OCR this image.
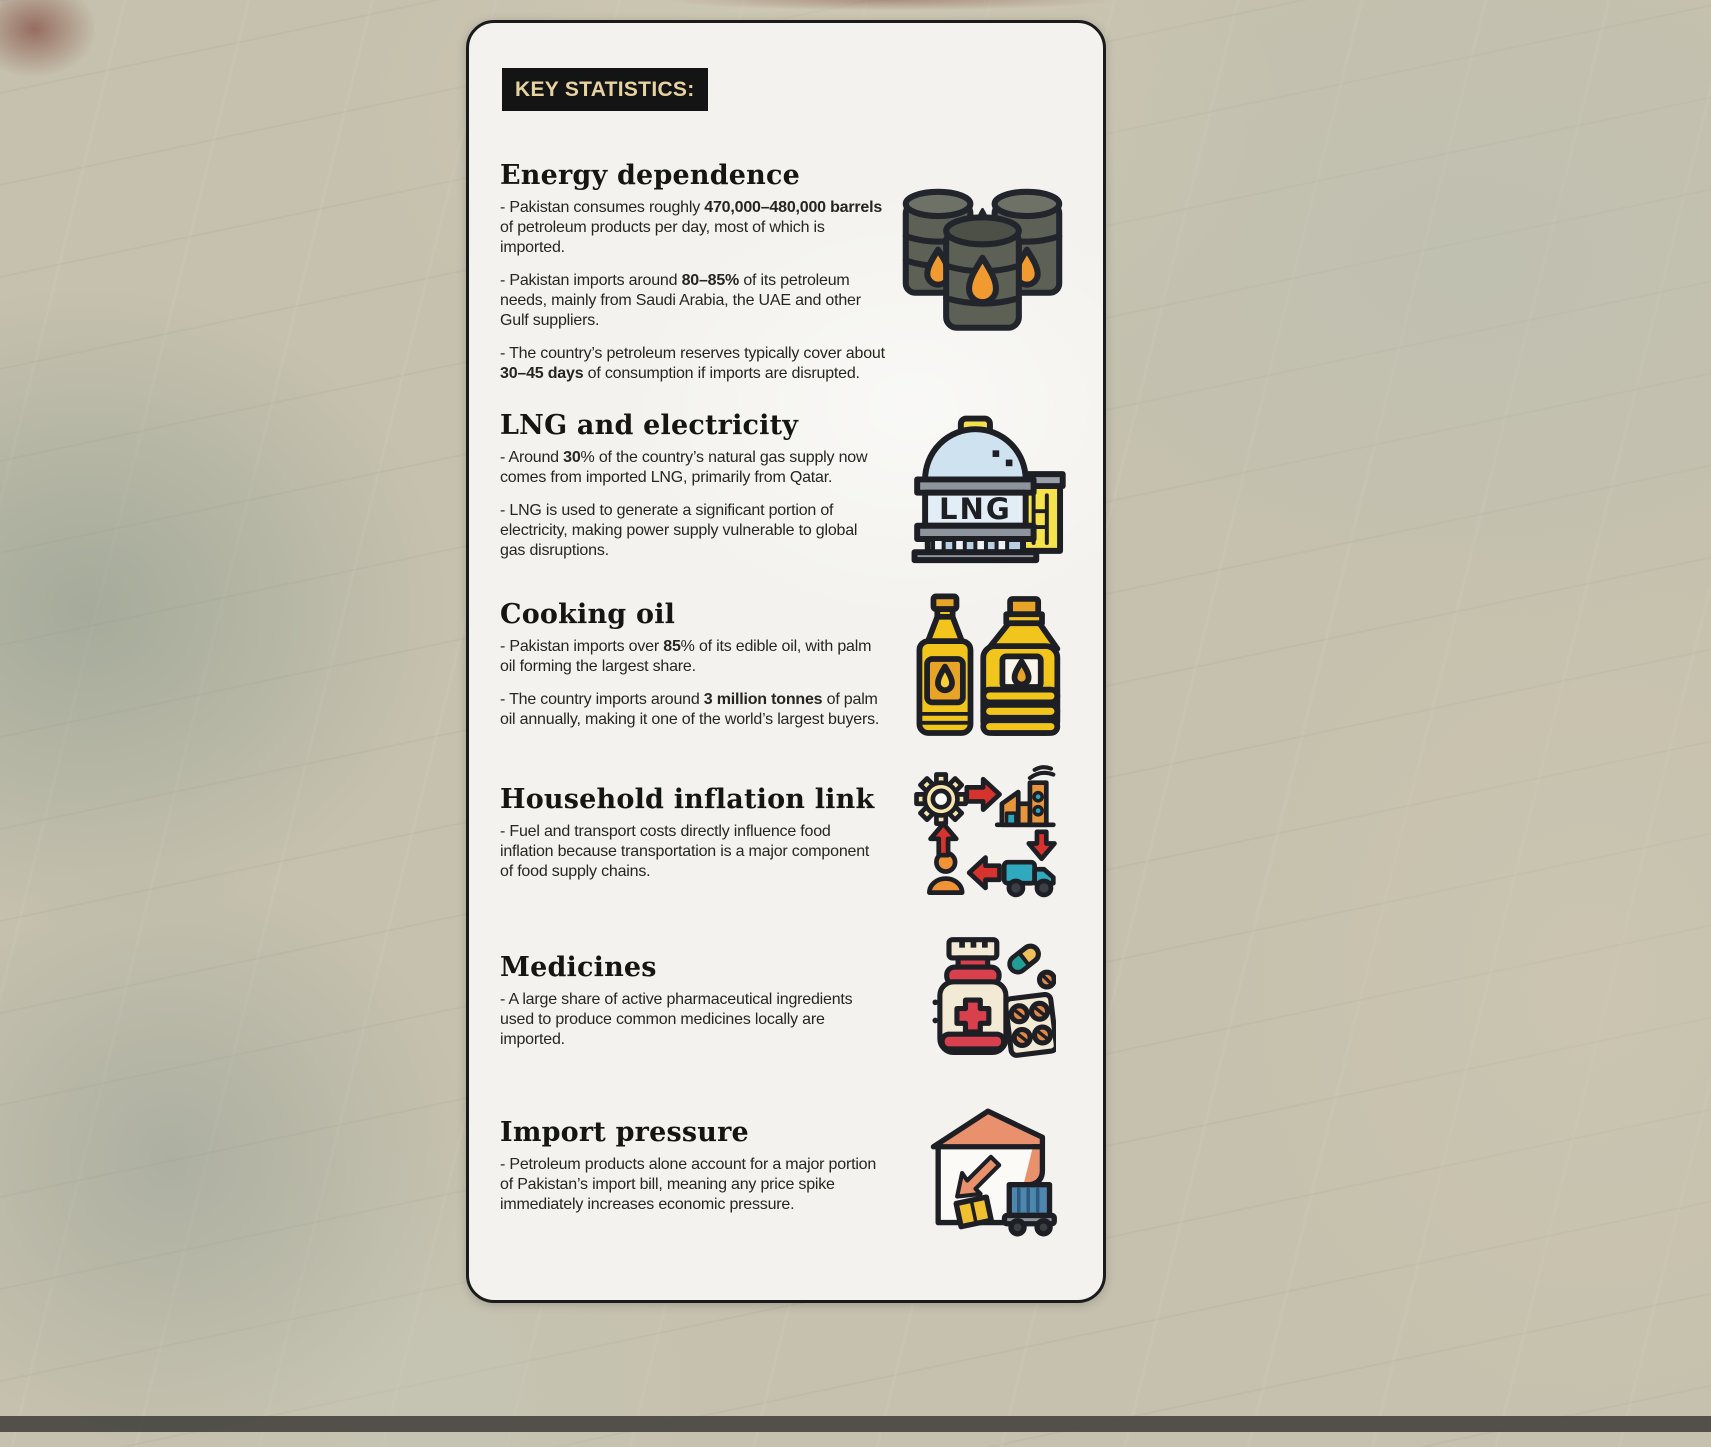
KEY STATISTICS:
Energy dependence

- Pakistan consumes roughly 470,000–480,000 barrels of petroleum products per day, most of which is imported.

- Pakistan imports around 80–85% of its petroleum needs, mainly from Saudi Arabia, the UAE and other Gulf suppliers.

- The country’s petroleum reserves typically cover about 30–45 days of consumption if imports are disrupted.

LNG and electricity

- Around 30% of the country’s natural gas supply now comes from imported LNG, primarily from Qatar.

- LNG is used to generate a significant portion of electricity, making power supply vulnerable to global gas disruptions.

LNG
Cooking oil

- Pakistan imports over 85% of its edible oil, with palm oil forming the largest share.

- The country imports around 3 million tonnes of palm oil annually, making it one of the world’s largest buyers.

Household inflation link

- Fuel and transport costs directly influence food inflation because transportation is a major component of food supply chains.

Medicines

- A large share of active pharmaceutical ingredients used to produce common medicines locally are imported.

Import pressure

- Petroleum products alone account for a major portion of Pakistan’s import bill, meaning any price spike immediately increases economic pressure.
